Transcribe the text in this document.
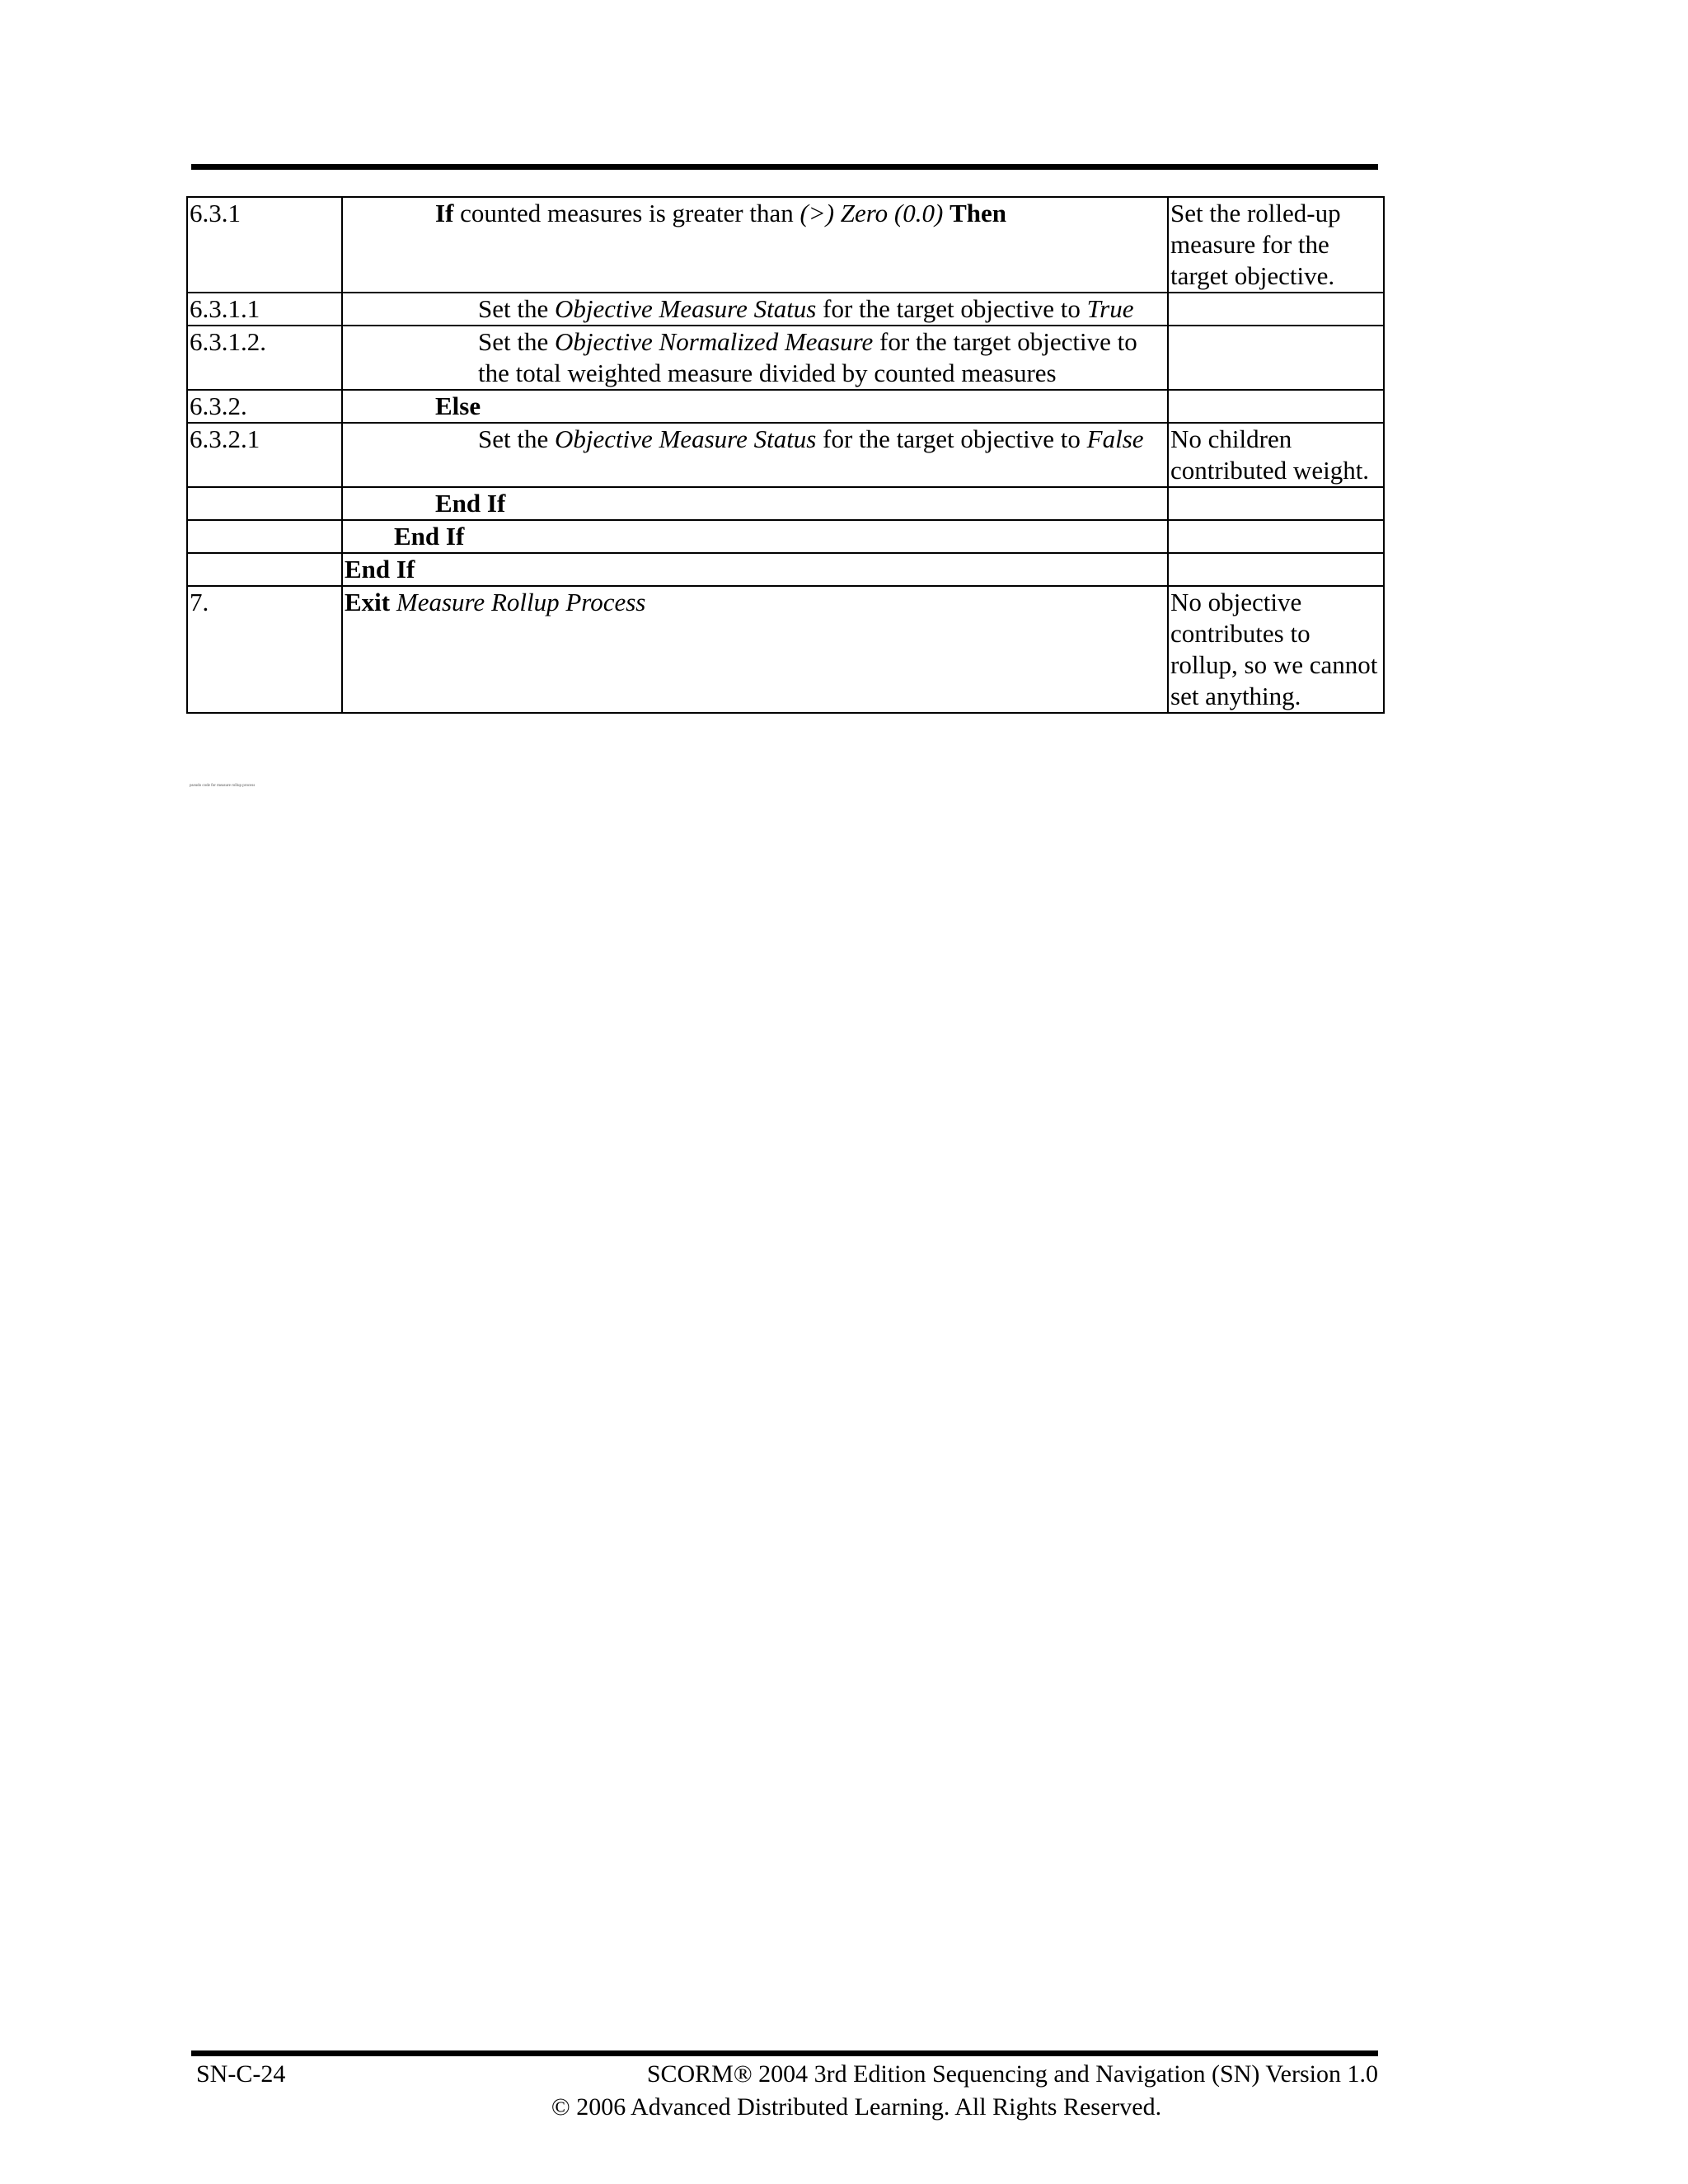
6.3.1	If counted measures is greater than (>) Zero (0.0) Then	Set the rolled-up measure for the target objective.
6.3.1.1	Set the Objective Measure Status for the target objective to True	

6.3.1.2.	Set the Objective Normalized Measure for the target objective to the total weighted measure divided by counted measures	

6.3.2.	Else	

6.3.2.1	Set the Objective Measure Status for the target objective to False	No children contributed weight.

	End If	

	End If	

	End If	

7.	Exit Measure Rollup Process	No objective contributes to rollup, so we cannot set anything.
pseudo code for measure rollup process
SN-C-24	SCORM® 2004 3rd Edition Sequencing and Navigation (SN) Version 1.0
© 2006 Advanced Distributed Learning. All Rights Reserved.
